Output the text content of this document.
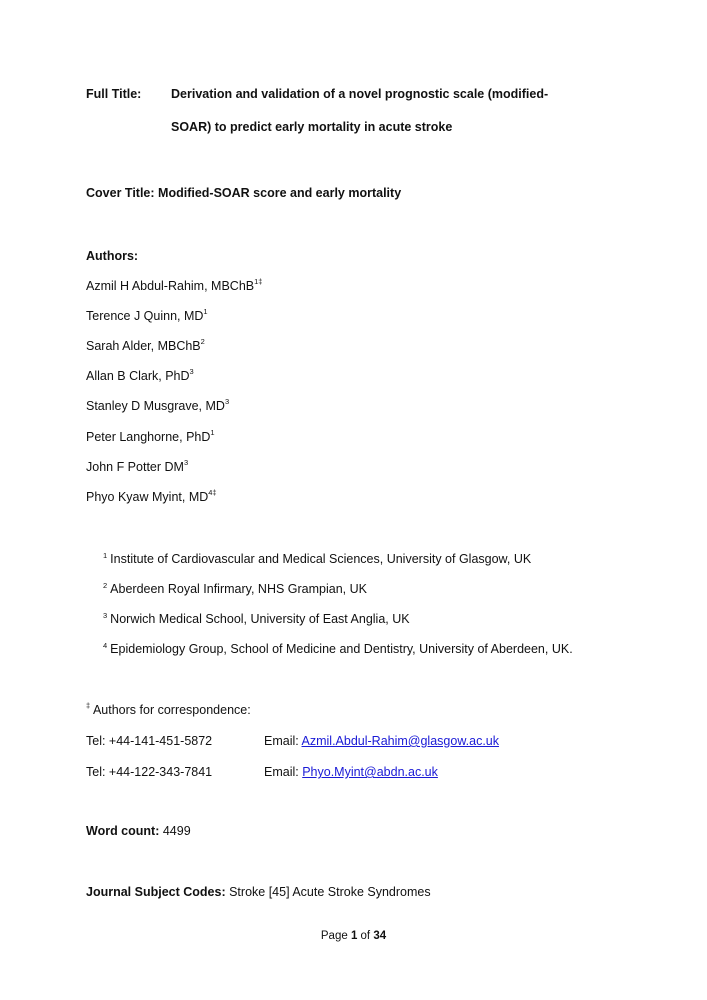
Full Title: Derivation and validation of a novel prognostic scale (modified-
SOAR) to predict early mortality in acute stroke
Cover Title: Modified-SOAR score and early mortality
Authors:
Azmil H Abdul-Rahim, MBChB$^{1\ddagger}$
Terence J Quinn, $MD^1$
Sarah Alder, MBChB$^2$
Allan B Clark, PhD$^3$
Stanley D Musgrave, $MD^3$
Peter Langhorne, PhD$^1$
John F Potter $DM^3$
Phyo Kyaw Myint, $MD^{4\ddagger}$
$^1$ Institute of Cardiovascular and Medical Sciences, University of Glasgow, UK
$^2$ Aberdeen Royal Infirmary, NHS Grampian, UK
$^3$ Norwich Medical School, University of East Anglia, UK
$^4$ Epidemiology Group, School of Medicine and Dentistry, University of Aberdeen, UK.
‡ Authors for correspondence:
Tel: +44-141-451-5872	Email: Azmil.Abdul-Rahim@glasgow.ac.uk
Tel: +44-122-343-7841	Email: Phyo.Myint@abdn.ac.uk
Word count: 4499
Journal Subject Codes: Stroke [45] Acute Stroke Syndromes
Page 1 of 34
